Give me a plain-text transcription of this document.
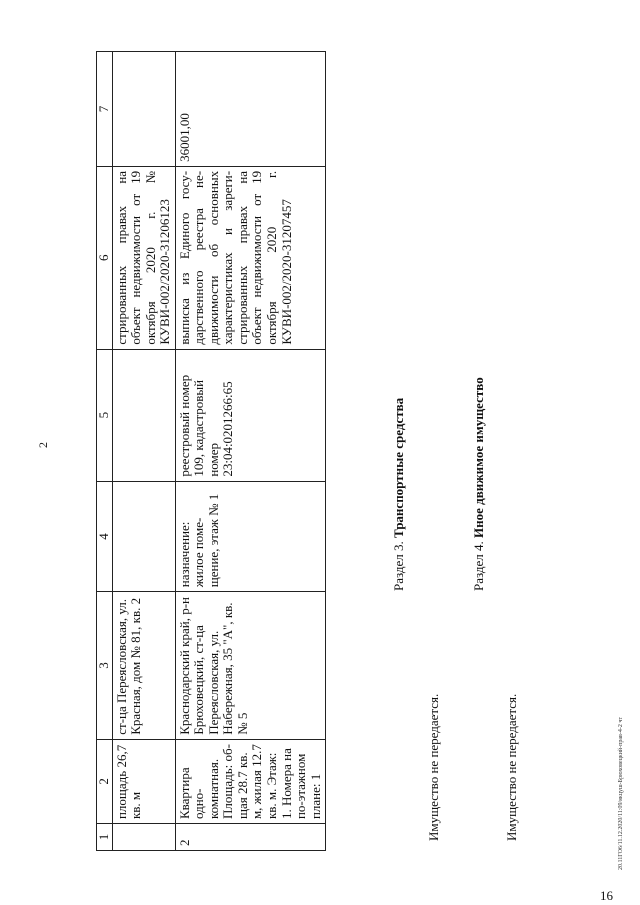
2
16
20.11ГО6/11.12.2020/11:09/якцуш-Брюховецкий-прав-4-2 чт
1	2	3	4	5	6	7
	площадь 26,7 кв. м	ст-ца Переясловская, ул. Красная, дом № 81, кв. 2			стрированных правах на объект недвижимости от 19 октября 2020 г. № КУВИ-002/2020-31206123	
2	Квартира одно-комнатная. Площадь: об-щая 28.7 кв. м, жилая 12.7 кв. м. Этаж: 1. Номера на по-этажном плане: 1	Краснодарский край, р-н Брюховецкий, ст-ца Переясловская, ул. Набережная, 35 "А", кв. № 5	назначение: жилое поме-щение, этаж № 1	реестровый номер 109, кадастровый номер 23:04:0201266:65	выписка из Единого госу-дарственного реестра не-движимости об основных характеристиках и зареги-стрированных правах на объект недвижимости от 19 октября 2020 г. КУВИ-002/2020-31207457	36001,00
Имущество не передается.
Раздел 3. Транспортные средства
Раздел 4. Иное движимое имущество
Имущество не передается.
